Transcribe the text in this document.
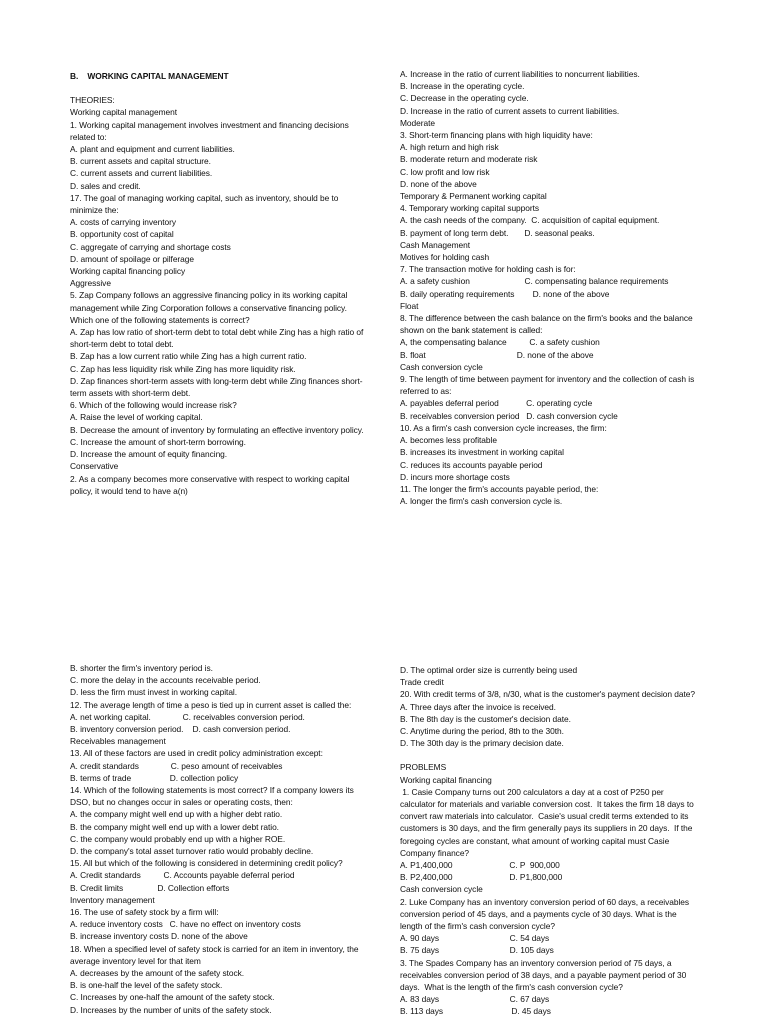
B.    WORKING CAPITAL MANAGEMENT
THEORIES:
Working capital management
1. Working capital management involves investment and financing decisions related to:
A. plant and equipment and current liabilities.
B. current assets and capital structure.
C. current assets and current liabilities.
D. sales and credit.
17. The goal of managing working capital, such as inventory, should be to minimize the:
A. costs of carrying inventory
B. opportunity cost of capital
C. aggregate of carrying and shortage costs
D. amount of spoilage or pilferage
Working capital financing policy
Aggressive
5. Zap Company follows an aggressive financing policy in its working capital management while Zing Corporation follows a conservative financing policy. Which one of the following statements is correct?
A. Zap has low ratio of short-term debt to total debt while Zing has a high ratio of short-term debt to total debt.
B. Zap has a low current ratio while Zing has a high current ratio.
C. Zap has less liquidity risk while Zing has more liquidity risk.
D. Zap finances short-term assets with long-term debt while Zing finances short-term assets with short-term debt.
6. Which of the following would increase risk?
A. Raise the level of working capital.
B. Decrease the amount of inventory by formulating an effective inventory policy.
C. Increase the amount of short-term borrowing.
D. Increase the amount of equity financing.
Conservative
2. As a company becomes more conservative with respect to working capital policy, it would tend to have a(n)
A. Increase in the ratio of current liabilities to noncurrent liabilities.
B. Increase in the operating cycle.
C. Decrease in the operating cycle.
D. Increase in the ratio of current assets to current liabilities.
Moderate
3. Short-term financing plans with high liquidity have:
A. high return and high risk
B. moderate return and moderate risk
C. low profit and low risk
D. none of the above
Temporary & Permanent working capital
4. Temporary working capital supports
A. the cash needs of the company.  C. acquisition of capital equipment.
B. payment of long term debt.       D. seasonal peaks.
Cash Management
Motives for holding cash
7. The transaction motive for holding cash is for:
A. a safety cushion                        C. compensating balance requirements
B. daily operating requirements        D. none of the above
Float
8. The difference between the cash balance on the firm's books and the balance shown on the bank statement is called:
A, the compensating balance          C. a safety cushion
B. float                                        D. none of the above
Cash conversion cycle
9. The length of time between payment for inventory and the collection of cash is referred to as:
A. payables deferral period            C. operating cycle
B. receivables conversion period   D. cash conversion cycle
10. As a firm's cash conversion cycle increases, the firm:
A. becomes less profitable
B. increases its investment in working capital
C. reduces its accounts payable period
D. incurs more shortage costs
11. The longer the firm's accounts payable period, the:
A. longer the firm's cash conversion cycle is.
B. shorter the firm's inventory period is.
C. more the delay in the accounts receivable period.
D. less the firm must invest in working capital.
12. The average length of time a peso is tied up in current asset is called the:
A. net working capital.              C. receivables conversion period.
B. inventory conversion period.    D. cash conversion period.
Receivables management
13. All of these factors are used in credit policy administration except:
A. credit standards              C. peso amount of receivables
B. terms of trade                 D. collection policy
14. Which of the following statements is most correct? If a company lowers its DSO, but no changes occur in sales or operating costs, then:
A. the company might well end up with a higher debt ratio.
B. the company might well end up with a lower debt ratio.
C. the company would probably end up with a higher ROE.
D. the company's total asset turnover ratio would probably decline.
15. All but which of the following is considered in determining credit policy?
A. Credit standards          C. Accounts payable deferral period
B. Credit limits               D. Collection efforts
Inventory management
16. The use of safety stock by a firm will:
A. reduce inventory costs   C. have no effect on inventory costs
B. increase inventory costs D. none of the above
18. When a specified level of safety stock is carried for an item in inventory, the average inventory level for that item
A. decreases by the amount of the safety stock.
B. is one-half the level of the safety stock.
C. Increases by one-half the amount of the safety stock.
D. Increases by the number of units of the safety stock.
D. The optimal order size is currently being used
Trade credit
20. With credit terms of 3/8, n/30, what is the customer's payment decision date?
A. Three days after the invoice is received.
B. The 8th day is the customer's decision date.
C. Anytime during the period, 8th to the 30th.
D. The 30th day is the primary decision date.
PROBLEMS
Working capital financing
1. Casie Company turns out 200 calculators a day at a cost of P250 per calculator for materials and variable conversion cost.  It takes the firm 18 days to convert raw materials into calculator.  Casie's usual credit terms extended to its customers is 30 days, and the firm generally pays its suppliers in 20 days.  If the foregoing cycles are constant, what amount of working capital must Casie Company finance?
A. P1,400,000                         C. P  900,000
B. P2,400,000                         D. P1,800,000
Cash conversion cycle
2. Luke Company has an inventory conversion period of 60 days, a receivables conversion period of 45 days, and a payments cycle of 30 days. What is the length of the firm's cash conversion cycle?
A. 90 days                               C. 54 days
B. 75 days                               D. 105 days
3. The Spades Company has an inventory conversion period of 75 days, a receivables conversion period of 38 days, and a payable payment period of 30 days.  What is the length of the firm's cash conversion cycle?
A. 83 days                               C. 67 days
B. 113 days                              D. 45 days
